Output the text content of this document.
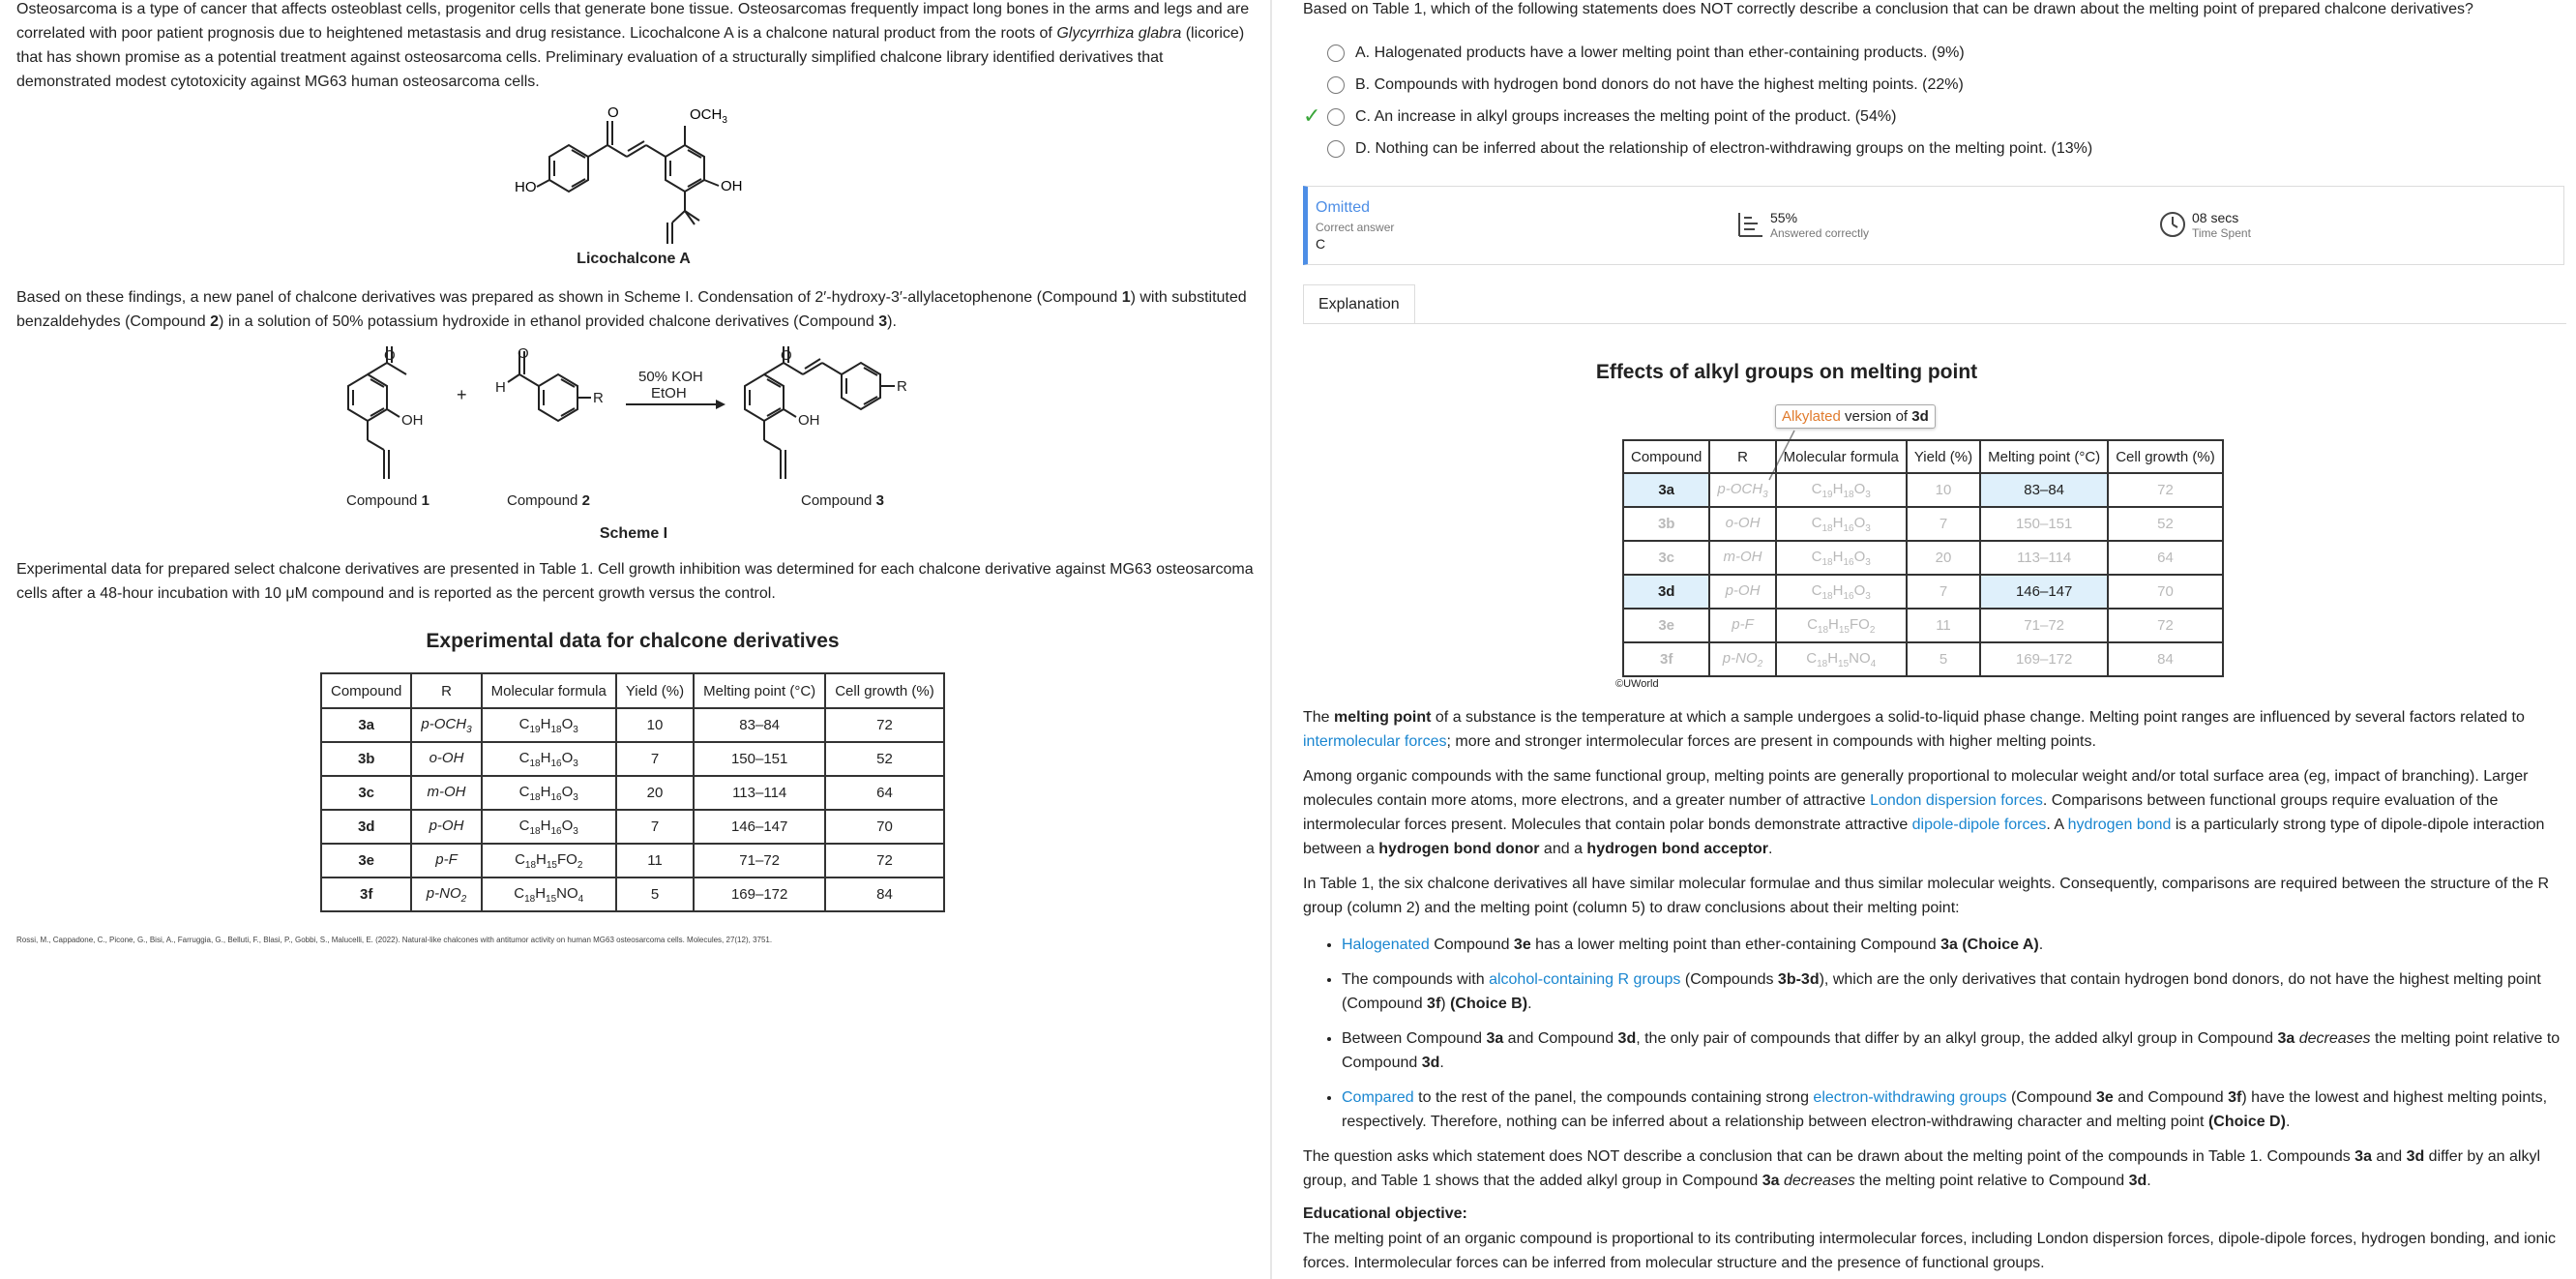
Osteosarcoma is a type of cancer that affects osteoblast cells, progenitor cells that generate bone tissue. Osteosarcomas frequently impact long bones in the arms and legs and are correlated with poor patient prognosis due to heightened metastasis and drug resistance. Licochalcone A is a chalcone natural product from the roots of Glycyrrhiza glabra (licorice) that has shown promise as a potential treatment against osteosarcoma cells. Preliminary evaluation of a structurally simplified chalcone library identified derivatives that demonstrated modest cytotoxicity against MG63 human osteosarcoma cells.

O	$OCH_3$
HO	OH
Licochalcone A

Based on these findings, a new panel of chalcone derivatives was prepared as shown in Scheme I. Condensation of 2′-hydroxy-3′-allylacetophenone (Compound 1) with substituted benzaldehydes (Compound 2) in a solution of 50% potassium hydroxide in ethanol provided chalcone derivatives (Compound 3).

O
OH
O
H
R
O
OH
R
+
50% KOH
EtOH
Compound 1	Compound 2	Compound 3
Scheme I

Experimental data for prepared select chalcone derivatives are presented in Table 1. Cell growth inhibition was determined for each chalcone derivative against MG63 osteosarcoma cells after a 48-hour incubation with 10 μM compound and is reported as the percent growth versus the control.

Experimental data for chalcone derivatives
Compound	R	Molecular formula	Yield (%)	Melting point (°C)	Cell growth (%)
3a	$p-OCH_3$	$C_{19}H_{18}O_3$	10	83–84	72
3b	o-OH	$C_{18}H_{16}O_3$	7	150–151	52
3c	m-OH	$C_{18}H_{16}O_3$	20	113–114	64
3d	p-OH	$C_{18}H_{16}O_3$	7	146–147	70
3e	p-F	$C_{18}H_{15}FO_2$	11	71–72	72
3f	$p-NO_2$	$C_{18}H_{15}NO_4$	5	169–172	84
Rossi, M., Cappadone, C., Picone, G., Bisi, A., Farruggia, G., Belluti, F., Blasi, P., Gobbi, S., Malucelli, E. (2022). Natural-like chalcones with antitumor activity on human MG63 osteosarcoma cells. Molecules, 27(12), 3751.
Based on Table 1, which of the following statements does NOT correctly describe a conclusion that can be drawn about the melting point of prepared chalcone derivatives?
A. Halogenated products have a lower melting point than ether-containing products. (9%)
B. Compounds with hydrogen bond donors do not have the highest melting points. (22%)
✓ C. An increase in alkyl groups increases the melting point of the product. (54%)
D. Nothing can be inferred about the relationship of electron-withdrawing groups on the melting point. (13%)
Omitted
Correct answer
C
55%
Answered correctly
08 secs
Time Spent
Explanation
Effects of alkyl groups on melting point
Alkylated version of 3d
Compound	R	Molecular formula	Yield (%)	Melting point (°C)	Cell growth (%)
3a	$p-OCH_3$	$C_{19}H_{18}O_3$	10	83–84	72
3b	o-OH	$C_{18}H_{16}O_3$	7	150–151	52
3c	m-OH	$C_{18}H_{16}O_3$	20	113–114	64
3d	p-OH	$C_{18}H_{16}O_3$	7	146–147	70
3e	p-F	$C_{18}H_{15}FO_2$	11	71–72	72
3f	$p-NO_2$	$C_{18}H_{15}NO_4$	5	169–172	84
©UWorld

The melting point of a substance is the temperature at which a sample undergoes a solid-to-liquid phase change. Melting point ranges are influenced by several factors related to intermolecular forces; more and stronger intermolecular forces are present in compounds with higher melting points.

Among organic compounds with the same functional group, melting points are generally proportional to molecular weight and/or total surface area (eg, impact of branching). Larger molecules contain more atoms, more electrons, and a greater number of attractive London dispersion forces. Comparisons between functional groups require evaluation of the intermolecular forces present. Molecules that contain polar bonds demonstrate attractive dipole-dipole forces. A hydrogen bond is a particularly strong type of dipole-dipole interaction between a hydrogen bond donor and a hydrogen bond acceptor.

In Table 1, the six chalcone derivatives all have similar molecular formulae and thus similar molecular weights. Consequently, comparisons are required between the structure of the R group (column 2) and the melting point (column 5) to draw conclusions about their melting point:

• Halogenated Compound 3e has a lower melting point than ether-containing Compound 3a (Choice A).
• The compounds with alcohol-containing R groups (Compounds 3b-3d), which are the only derivatives that contain hydrogen bond donors, do not have the highest melting point (Compound 3f) (Choice B).
• Between Compound 3a and Compound 3d, the only pair of compounds that differ by an alkyl group, the added alkyl group in Compound 3a decreases the melting point relative to Compound 3d.
• Compared to the rest of the panel, the compounds containing strong electron-withdrawing groups (Compound 3e and Compound 3f) have the lowest and highest melting points, respectively. Therefore, nothing can be inferred about a relationship between electron-withdrawing character and melting point (Choice D).

The question asks which statement does NOT describe a conclusion that can be drawn about the melting point of the compounds in Table 1. Compounds 3a and 3d differ by an alkyl group, and Table 1 shows that the added alkyl group in Compound 3a decreases the melting point relative to Compound 3d.

Educational objective:

The melting point of an organic compound is proportional to its contributing intermolecular forces, including London dispersion forces, dipole-dipole forces, hydrogen bonding, and ionic forces. Intermolecular forces can be inferred from molecular structure and the presence of functional groups.
